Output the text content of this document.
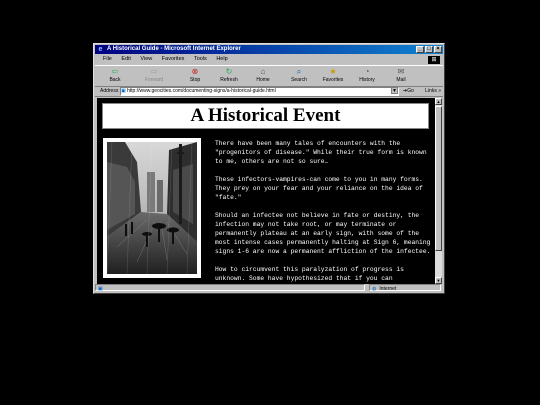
e A Historical Guide - Microsoft Internet Explorer	_ □ ×
File Edit View Favorites Tools Help	⊞
⇦
Back
⇨
Forward
⊗
Stop
↻
Refresh
⌂
Home
⌕
Search
★
Favorites
◔
History
✉
Mail
Address ▣http://www.geocities.com/documenting-signs/a-historical-guide.html	▼ ➔Go Links »
A Historical Event

There have been many tales of encounters with the "progenitors of disease." While their true form is known to me, others are not so sure…

These infectors-vampires-can come to you in many forms. They prey on your fear and your reliance on the idea of "fate."

Should an infectee not believe in fate or destiny, the infection may not take root, or may terminate or permanently plateau at an early sign, with some of the most intense cases permanently halting at Sign 6, meaning signs 1-6 are now a permanent affliction of the infectee.

How to circumvent this paralyzation of progress is unknown. Some have hypothesized that if you can

▲
▼
▣	◍ Internet
